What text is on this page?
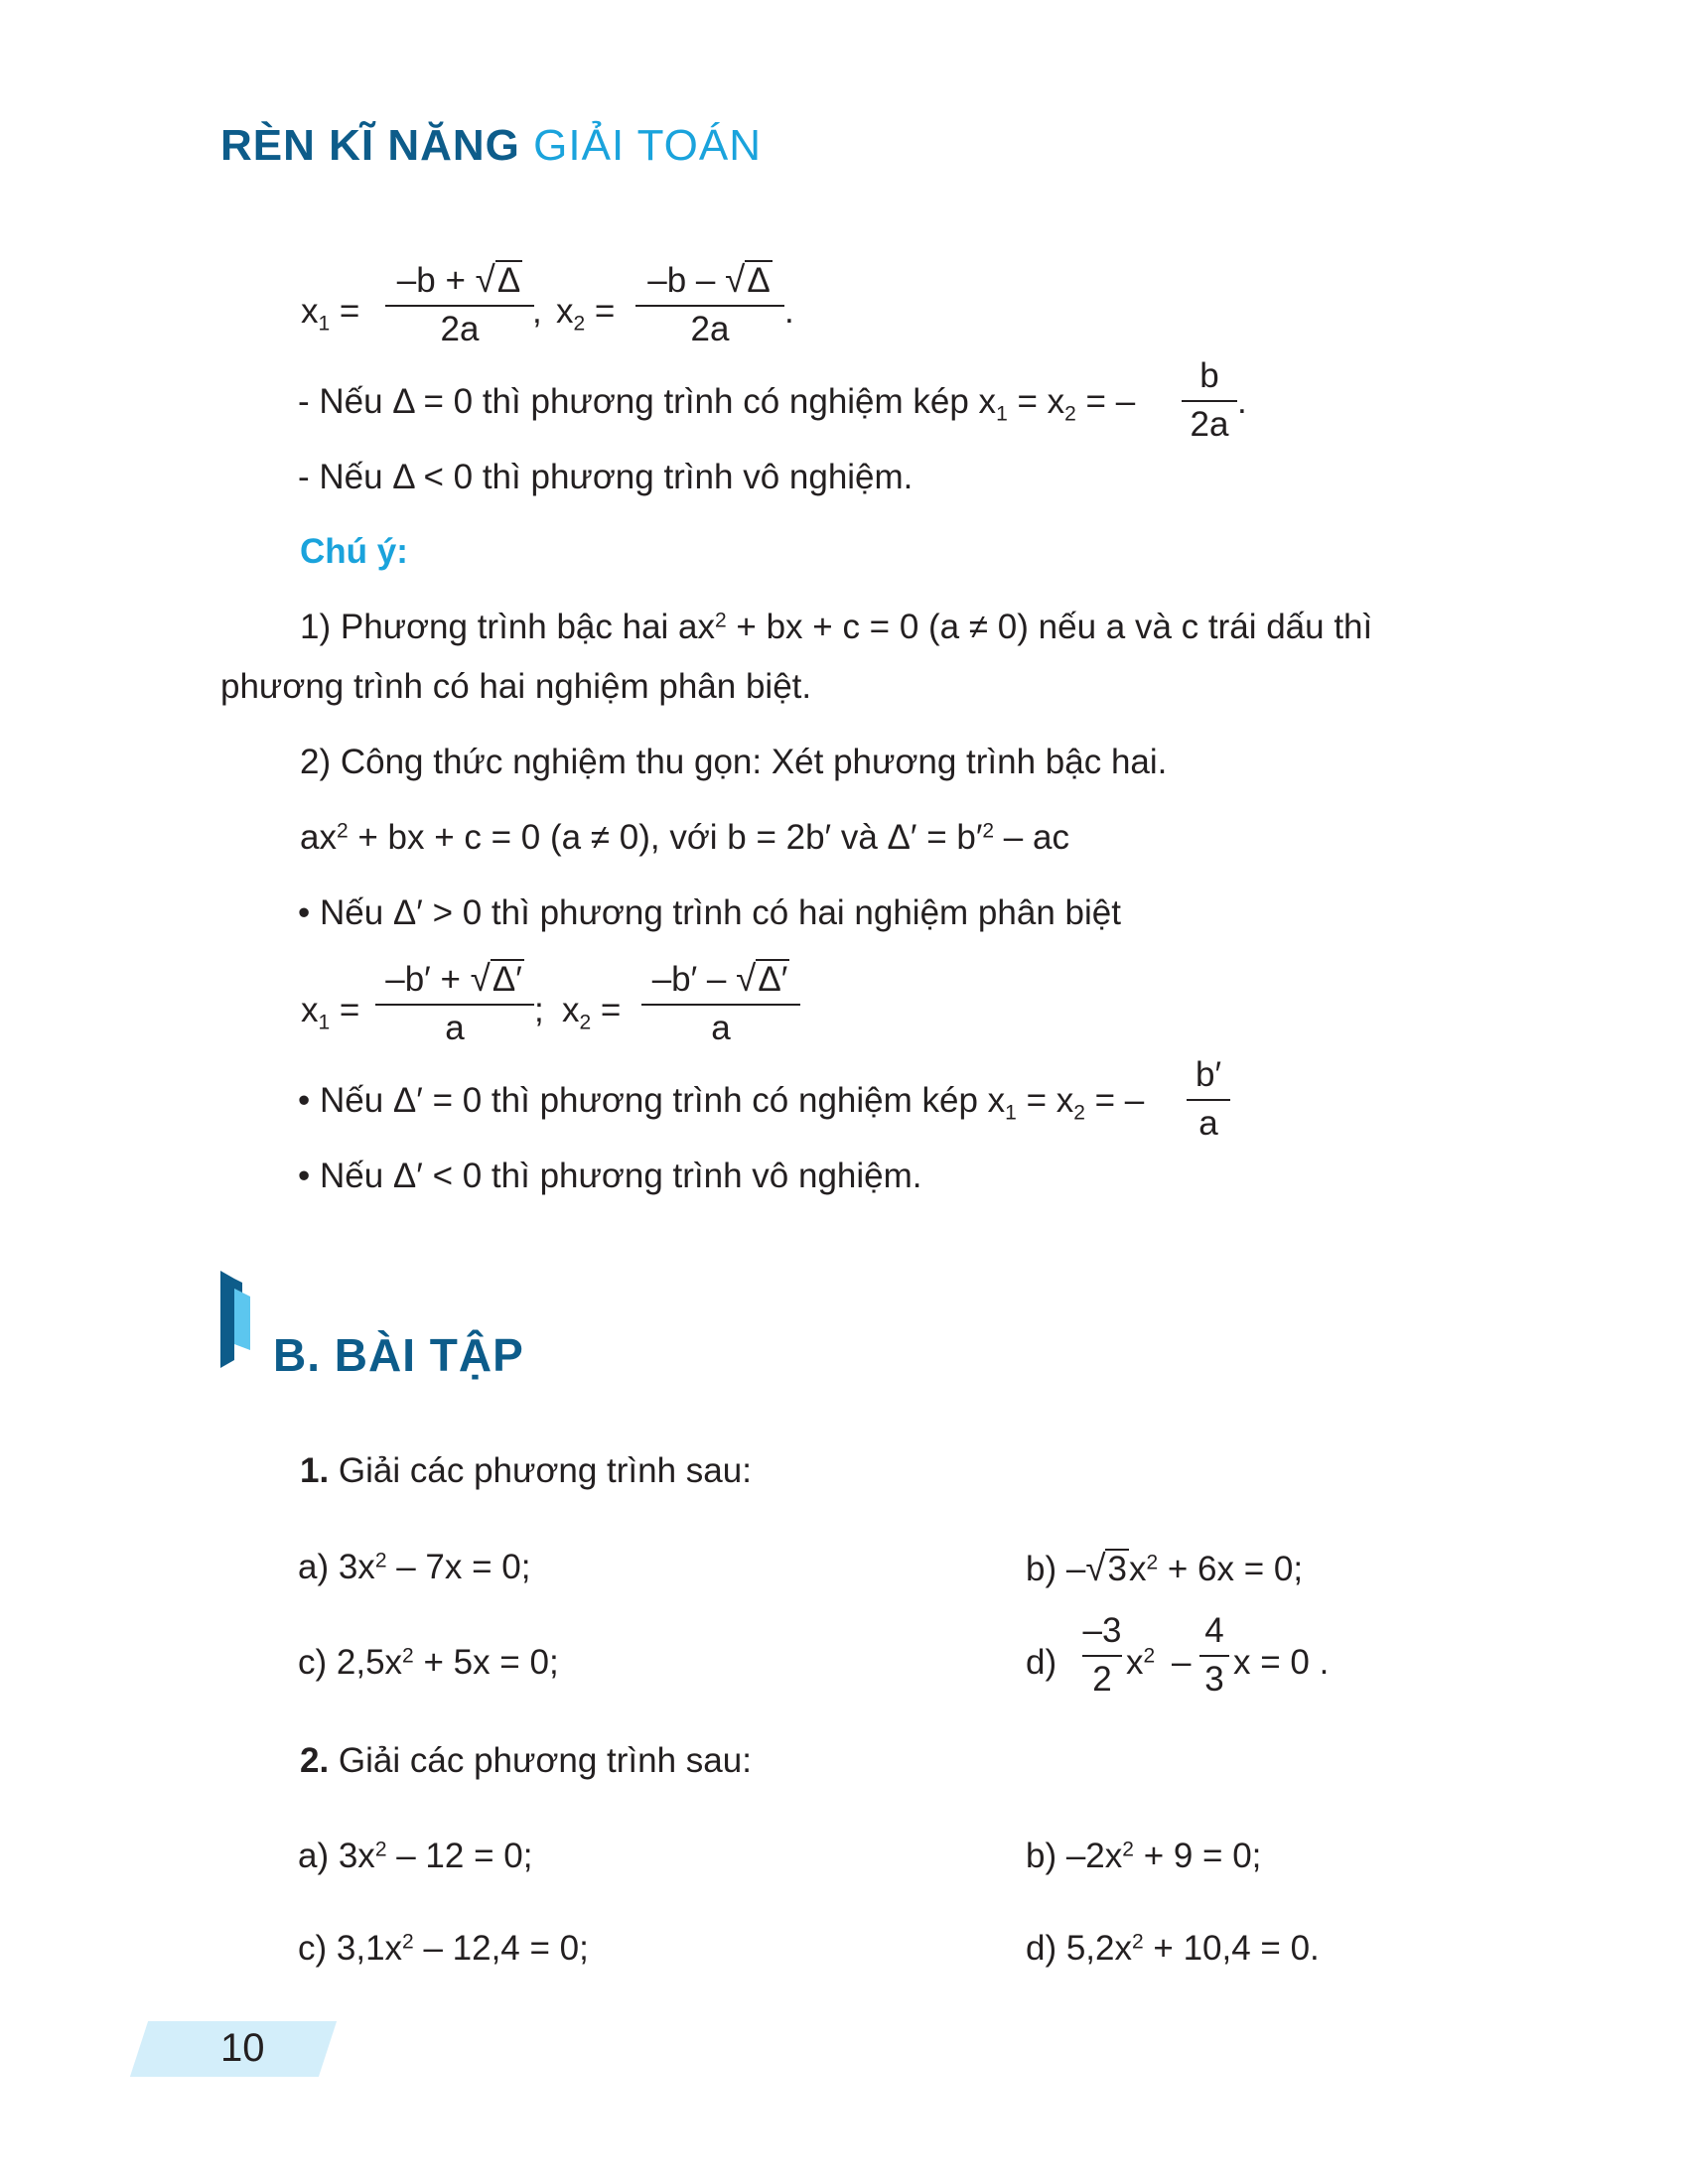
RÈN KĨ NĂNG GIẢI TOÁN
$x_1$ =
–b + √Δ
2a	, $x_2$ =
–b – √Δ
2a	.
- Nếu Δ = 0 thì phương trình có nghiệm kép $x_1 = x_2$ = –
b
2a
.
- Nếu Δ < 0 thì phương trình vô nghiệm.
Chú ý:
1) Phương trình bậc hai $ax^2$ + bx + c = 0 (a ≠ 0) nếu a và c trái dấu thì
phương trình có hai nghiệm phân biệt.
2) Công thức nghiệm thu gọn: Xét phương trình bậc hai.
$ax^2$ + bx + c = 0 (a ≠ 0), với b = 2b′ và $\Delta' = b'^2$ – ac
• Nếu Δ′ > 0 thì phương trình có hai nghiệm phân biệt
$x_1$ =
–b′ + √Δ′
a	; $x_2$ =
–b′ – √Δ′
a
• Nếu Δ′ = 0 thì phương trình có nghiệm kép $x_1 = x_2$ = –
b′
a
• Nếu Δ′ < 0 thì phương trình vô nghiệm.
B. BÀI TẬP
1. Giải các phương trình sau:
a) $3x^2 - 7x = 0$;	b) $-√3x^2 + 6x = 0$;
c) $2,5x^2 + 5x = 0$;	d)
–3
2 $x^2$ –
4
3 x = 0 .
2. Giải các phương trình sau:
a) $3x^2 - 12 = 0$;	b) $-2x^2 + 9 = 0$;
c) $3,1x^2 - 12,4 = 0$;	d) $5,2x^2 + 10,4 = 0$.
10
